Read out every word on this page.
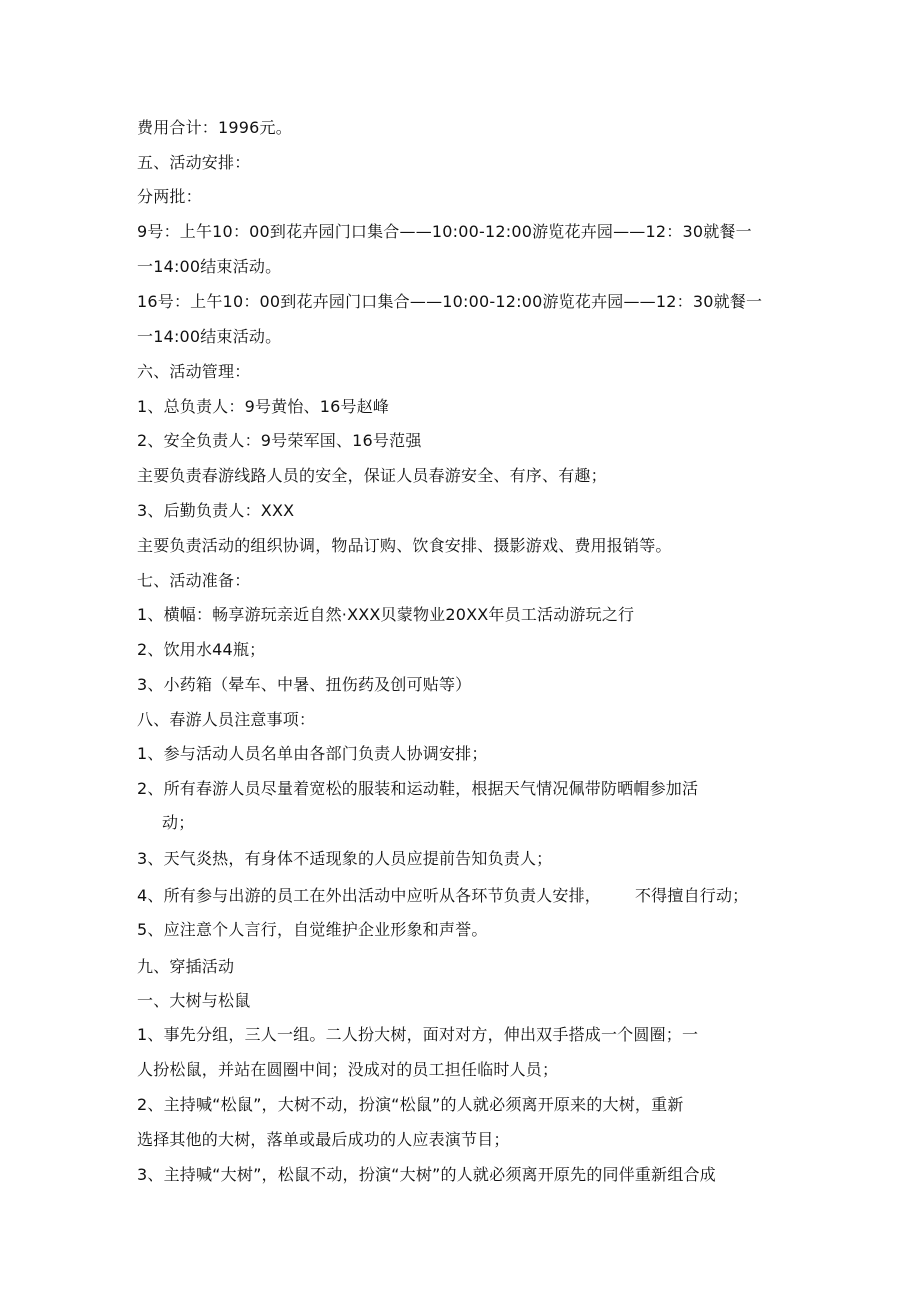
费用合计：1996元。

五、活动安排：

分两批：

9号：上午10：00到花卉园门口集合——10:00-12:00游览花卉园——12：30就餐一

一14:00结束活动。

16号：上午10：00到花卉园门口集合——10:00-12:00游览花卉园——12：30就餐一

一14:00结束活动。

六、活动管理：

1、总负责人：9号黄怡、16号赵峰

2、安全负责人：9号荣军国、16号范强

主要负责春游线路人员的安全，保证人员春游安全、有序、有趣；

3、后勤负责人：XXX

主要负责活动的组织协调，物品订购、饮食安排、摄影游戏、费用报销等。

七、活动准备：

1、横幅：畅享游玩亲近自然·XXX贝蒙物业20XX年员工活动游玩之行

2、饮用水44瓶；

3、小药箱（晕车、中暑、扭伤药及创可贴等）

八、春游人员注意事项：

1、参与活动人员名单由各部门负责人协调安排；

2、所有春游人员尽量着宽松的服装和运动鞋，根据天气情况佩带防晒帽参加活

动；

3、天气炎热，有身体不适现象的人员应提前告知负责人；

4、所有参与出游的员工在外出活动中应听从各环节负责人安排， 不得擅自行动；

5、应注意个人言行，自觉维护企业形象和声誉。

九、穿插活动

一、大树与松鼠

1、事先分组，三人一组。二人扮大树，面对对方，伸出双手搭成一个圆圈；一

人扮松鼠，并站在圆圈中间；没成对的员工担任临时人员；

2、主持喊“松鼠”，大树不动，扮演“松鼠”的人就必须离开原来的大树，重新

选择其他的大树，落单或最后成功的人应表演节目；

3、主持喊“大树”，松鼠不动，扮演“大树”的人就必须离开原先的同伴重新组合成
